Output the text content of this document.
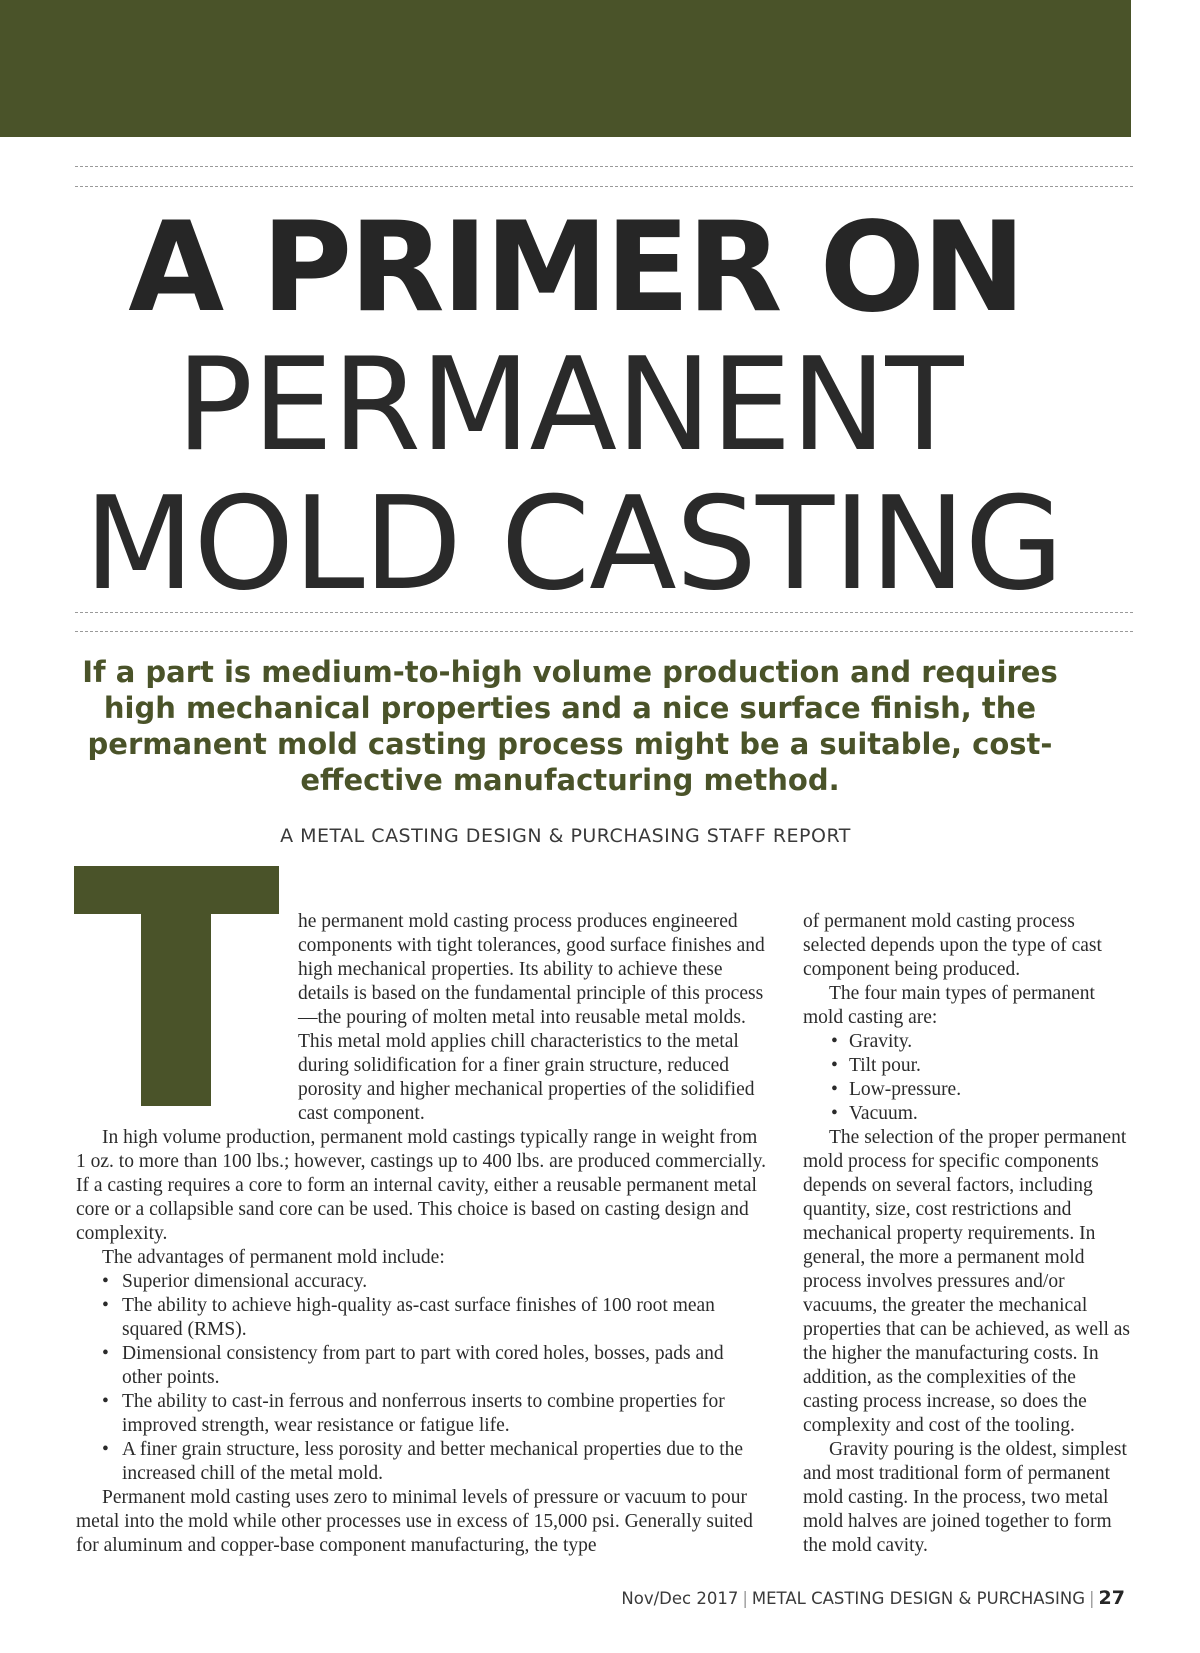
A PRIMER ON
PERMANENT
MOLD CASTING

If a part is medium-to-high volume production and requires high mechanical properties and a nice surface finish, the permanent mold casting process might be a suitable, cost-effective manufacturing method.

A METAL CASTING DESIGN & PURCHASING STAFF REPORT

he permanent mold casting process produces engineered components with tight tolerances, good surface finishes and high mechanical properties. Its ability to achieve these details is based on the fundamental principle of this process—the pouring of molten metal into reusable metal molds. This metal mold applies chill characteristics to the metal during solidification for a finer grain structure, reduced porosity and higher mechanical properties of the solidified cast component.

In high volume production, permanent mold castings typically range in weight from 1 oz. to more than 100 lbs.; however, castings up to 400 lbs. are produced commercially. If a casting requires a core to form an internal cavity, either a reusable permanent metal core or a collapsible sand core can be used. This choice is based on casting design and complexity.

The advantages of permanent mold include:

• Superior dimensional accuracy.
• The ability to achieve high-quality as-cast surface finishes of 100 root mean squared (RMS).
• Dimensional consistency from part to part with cored holes, bosses, pads and other points.
• The ability to cast-in ferrous and nonferrous inserts to combine properties for improved strength, wear resistance or fatigue life.
• A finer grain structure, less porosity and better mechanical properties due to the increased chill of the metal mold.

Permanent mold casting uses zero to minimal levels of pressure or vacuum to pour metal into the mold while other processes use in excess of 15,000 psi. Generally suited for aluminum and copper-base component manufacturing, the type

of permanent mold casting process selected depends upon the type of cast component being produced.

The four main types of permanent mold casting are:

• Gravity.
• Tilt pour.
• Low-pressure.
• Vacuum.

The selection of the proper permanent mold process for specific components depends on several factors, including quantity, size, cost restrictions and mechanical property requirements. In general, the more a permanent mold process involves pressures and/or vacuums, the greater the mechanical properties that can be achieved, as well as the higher the manufacturing costs. In addition, as the complexities of the casting process increase, so does the complexity and cost of the tooling.

Gravity pouring is the oldest, simplest and most traditional form of permanent mold casting. In the process, two metal mold halves are joined together to form the mold cavity.

Nov/Dec 2017 | METAL CASTING DESIGN & PURCHASING | 27
